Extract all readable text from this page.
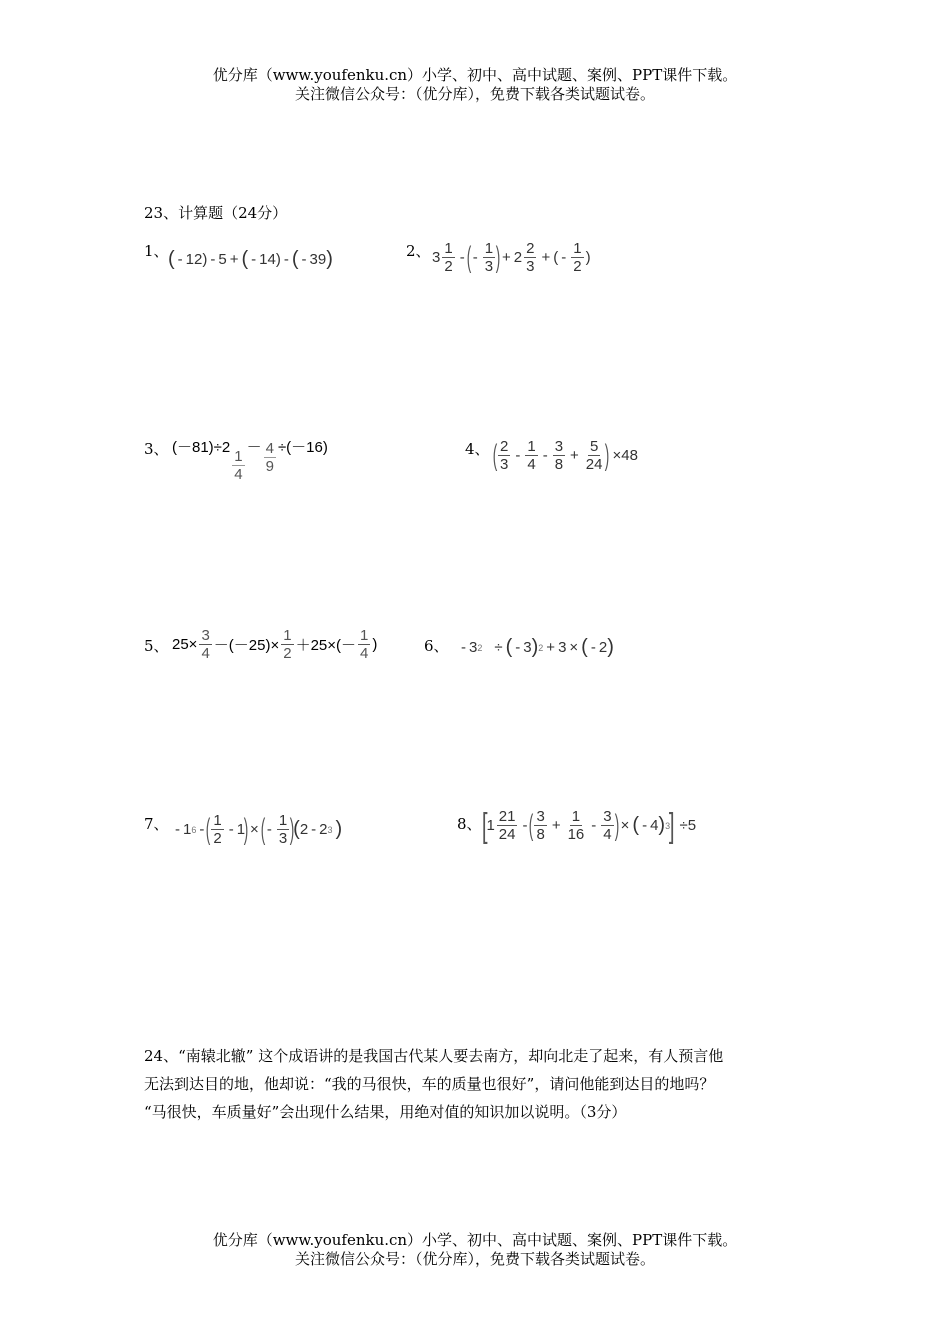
优分库（www.youfenku.cn）小学、初中、高中试题、案例、PPT课件下载。
关注微信公众号：（优分库），免费下载各类试题试卷。
23、计算题（24分）
1、 ( - 12 ) - 5 + ( - 14 ) - ( - 39 )	2、 $3 \frac{1}{2}$ - ( - $\frac{1}{3}$ ) + $2 \frac{2}{3}$ + ( - $\frac{1}{2}$ )
3、 (－81)÷2
$\frac{1}{4}$
－ $\frac{4}{9} \div(-16)$	4、 ( $\frac{2}{3} - \frac{1}{4} - \frac{3}{8} + \frac{5}{24}$ ) ×48
5、 $25\times \frac{3}{4} -(-25)\times \frac{1}{2} +25\times(- \frac{1}{4}$ )	6、 - 3 2 ÷ ( - 3 ) 2 + 3 × ( - 2 )
7、 - 1 6 - ( $\frac{1}{2} - 1$
) × ( - $\frac{1}{3}$ )
( 2 - 2 3 )	8、 [
$1 \frac{21}{24}$ - ( $\frac{3}{8} + \frac{1}{16} - \frac{3}{4}$ ) × ( - 4 ) 3
] ÷5
24、“南辕北辙” 这个成语讲的是我国古代某人要去南方，却向北走了起来，有人预言他
无法到达目的地，他却说：“我的马很快，车的质量也很好”，请问他能到达目的地吗？
“马很快，车质量好”会出现什么结果，用绝对值的知识加以说明。（3分）
优分库（www.youfenku.cn）小学、初中、高中试题、案例、PPT课件下载。
关注微信公众号：（优分库），免费下载各类试题试卷。
